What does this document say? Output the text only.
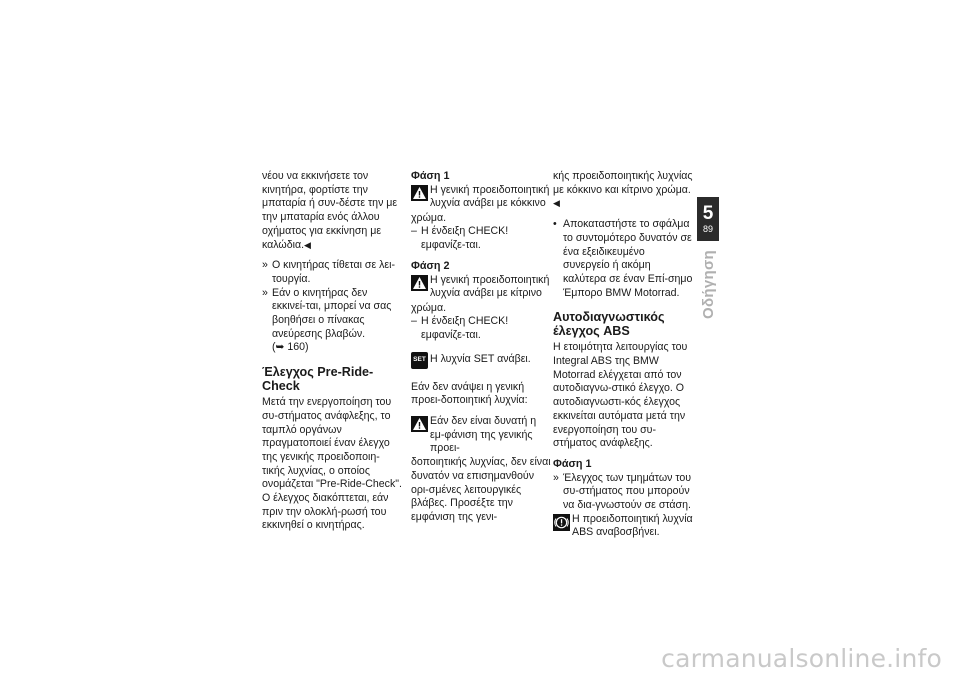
νέου να εκκινήσετε τον κινητήρα, φορτίστε την μπαταρία ή συν-δέστε την με την μπαταρία ενός άλλου οχήματος για εκκίνηση με καλώδια.◀

» Ο κινητήρας τίθεται σε λει-τουργία.
» Εάν ο κινητήρας δεν εκκινεί-ται, μπορεί να σας βοηθήσει ο πίνακας ανεύρεσης βλαβών.
(➥ 160)
Έλεγχος Pre-Ride-Check

Μετά την ενεργοποίηση του συ-στήματος ανάφλεξης, το ταμπλό οργάνων πραγματοποιεί έναν έλεγχο της γενικής προειδοποιη-τικής λυχνίας, ο οποίος ονομάζεται "Pre-Ride-Check". Ο έλεγχος διακόπτεται, εάν πριν την ολοκλή-ρωσή του εκκινηθεί ο κινητήρας.

Φάση 1
Η γενική προειδοποιητική λυχνία ανάβει με κόκκινο

χρώμα.

– Η ένδειξη CHECK! εμφανίζε-ται.
Φάση 2
Η γενική προειδοποιητική λυχνία ανάβει με κίτρινο

χρώμα.

– Η ένδειξη CHECK! εμφανίζε-ται.
SET Η λυχνία SET ανάβει.

Εάν δεν ανάψει η γενική προει-δοποιητική λυχνία:

Εάν δεν είναι δυνατή η εμ-φάνιση της γενικής προει-

δοποιητικής λυχνίας, δεν είναι δυνατόν να επισημανθούν ορι-σμένες λειτουργικές βλάβες. Προσέξτε την εμφάνιση της γενι-

κής προειδοποιητικής λυχνίας με κόκκινο και κίτρινο χρώμα.◀

• Αποκαταστήστε το σφάλμα το συντομότερο δυνατόν σε ένα εξειδικευμένο συνεργείο ή ακόμη καλύτερα σε έναν Επί-σημο Έμπορο BMW Motorrad.
Αυτοδιαγνωστικός έλεγχος ABS

Η ετοιμότητα λειτουργίας του Integral ABS της BMW Motorrad ελέγχεται από τον αυτοδιαγνω-στικό έλεγχο. Ο αυτοδιαγνωστι-κός έλεγχος εκκινείται αυτόματα μετά την ενεργοποίηση του συ-στήματος ανάφλεξης.

Φάση 1
» Έλεγχος των τμημάτων του συ-στήματος που μπορούν να δια-γνωστούν σε στάση.
Η προειδοποιητική λυχνία ABS αναβοσβήνει.
5
89
Οδήγηση
carmanualsonline.info
